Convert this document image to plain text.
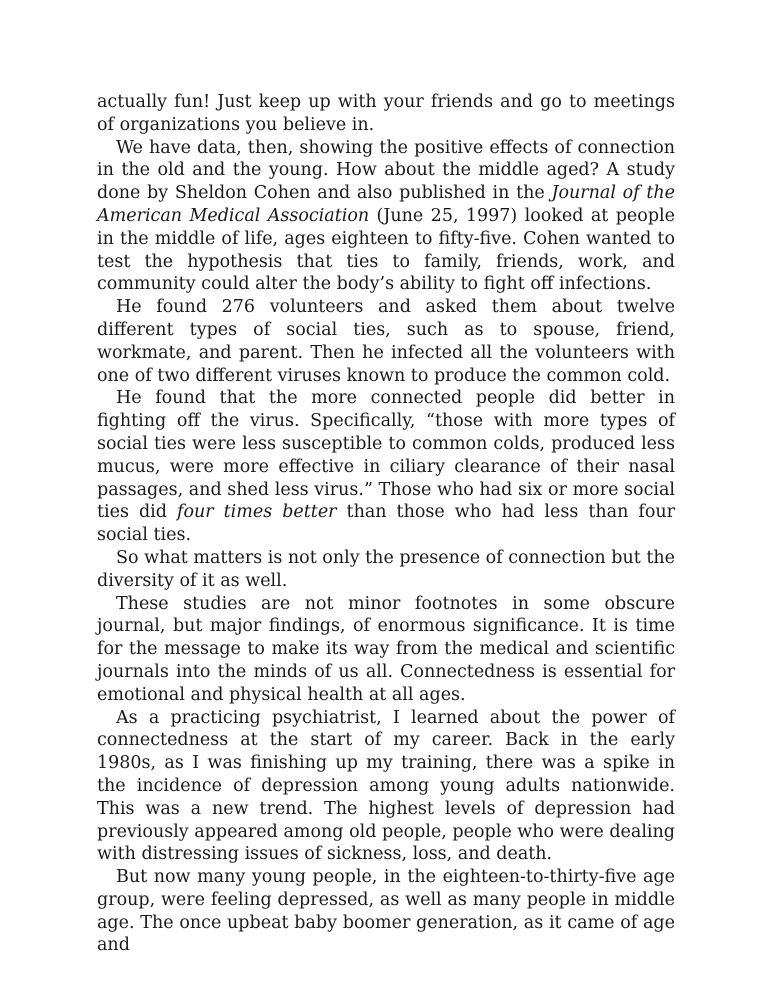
actually fun! Just keep up with your friends and go to meetings of organizations you believe in.

We have data, then, showing the positive effects of connection in the old and the young. How about the middle aged? A study done by Sheldon Cohen and also published in the Journal of the American Medical Association (June 25, 1997) looked at people in the middle of life, ages eighteen to fifty-five. Cohen wanted to test the hypothesis that ties to family, friends, work, and community could alter the body’s ability to fight off infections.

He found 276 volunteers and asked them about twelve different types of social ties, such as to spouse, friend, workmate, and parent. Then he infected all the volunteers with one of two different viruses known to produce the common cold.

He found that the more connected people did better in fighting off the virus. Specifically, “those with more types of social ties were less susceptible to common colds, produced less mucus, were more effective in ciliary clearance of their nasal passages, and shed less virus.” Those who had six or more social ties did four times better than those who had less than four social ties.

So what matters is not only the presence of connection but the diversity of it as well.

These studies are not minor footnotes in some obscure journal, but major findings, of enormous significance. It is time for the message to make its way from the medical and scientific journals into the minds of us all. Connectedness is essential for emotional and physical health at all ages.

As a practicing psychiatrist, I learned about the power of connectedness at the start of my career. Back in the early 1980s, as I was finishing up my training, there was a spike in the incidence of depression among young adults nationwide. This was a new trend. The highest levels of depression had previously appeared among old people, people who were dealing with distressing issues of sickness, loss, and death.

But now many young people, in the eighteen-to-thirty-five age group, were feeling depressed, as well as many people in middle age. The once upbeat baby boomer generation, as it came of age and
